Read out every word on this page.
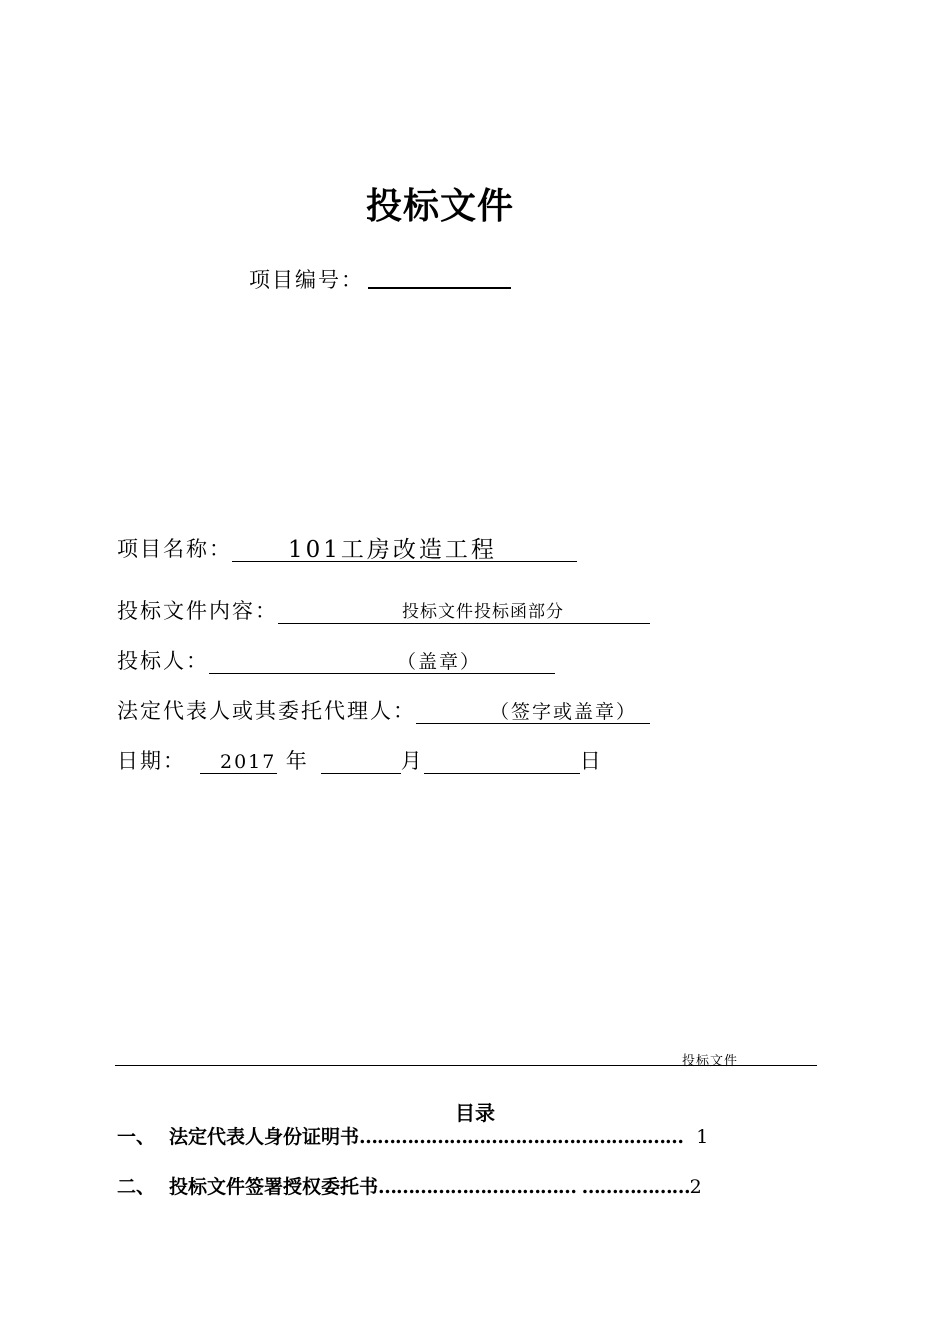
投标文件
项目编号：
项目名称： 101工房改造工程
投标文件内容：	投标文件投标函部分
投标人：	（盖章）
法定代表人或其委托代理人：	（签字或盖章）
日期： 2017 年	月	日
投标文件
目录
一、 法定代表人身份证明书……………………………………………… 1
二、 投标文件签署授权委托书…………………………… ………………2
